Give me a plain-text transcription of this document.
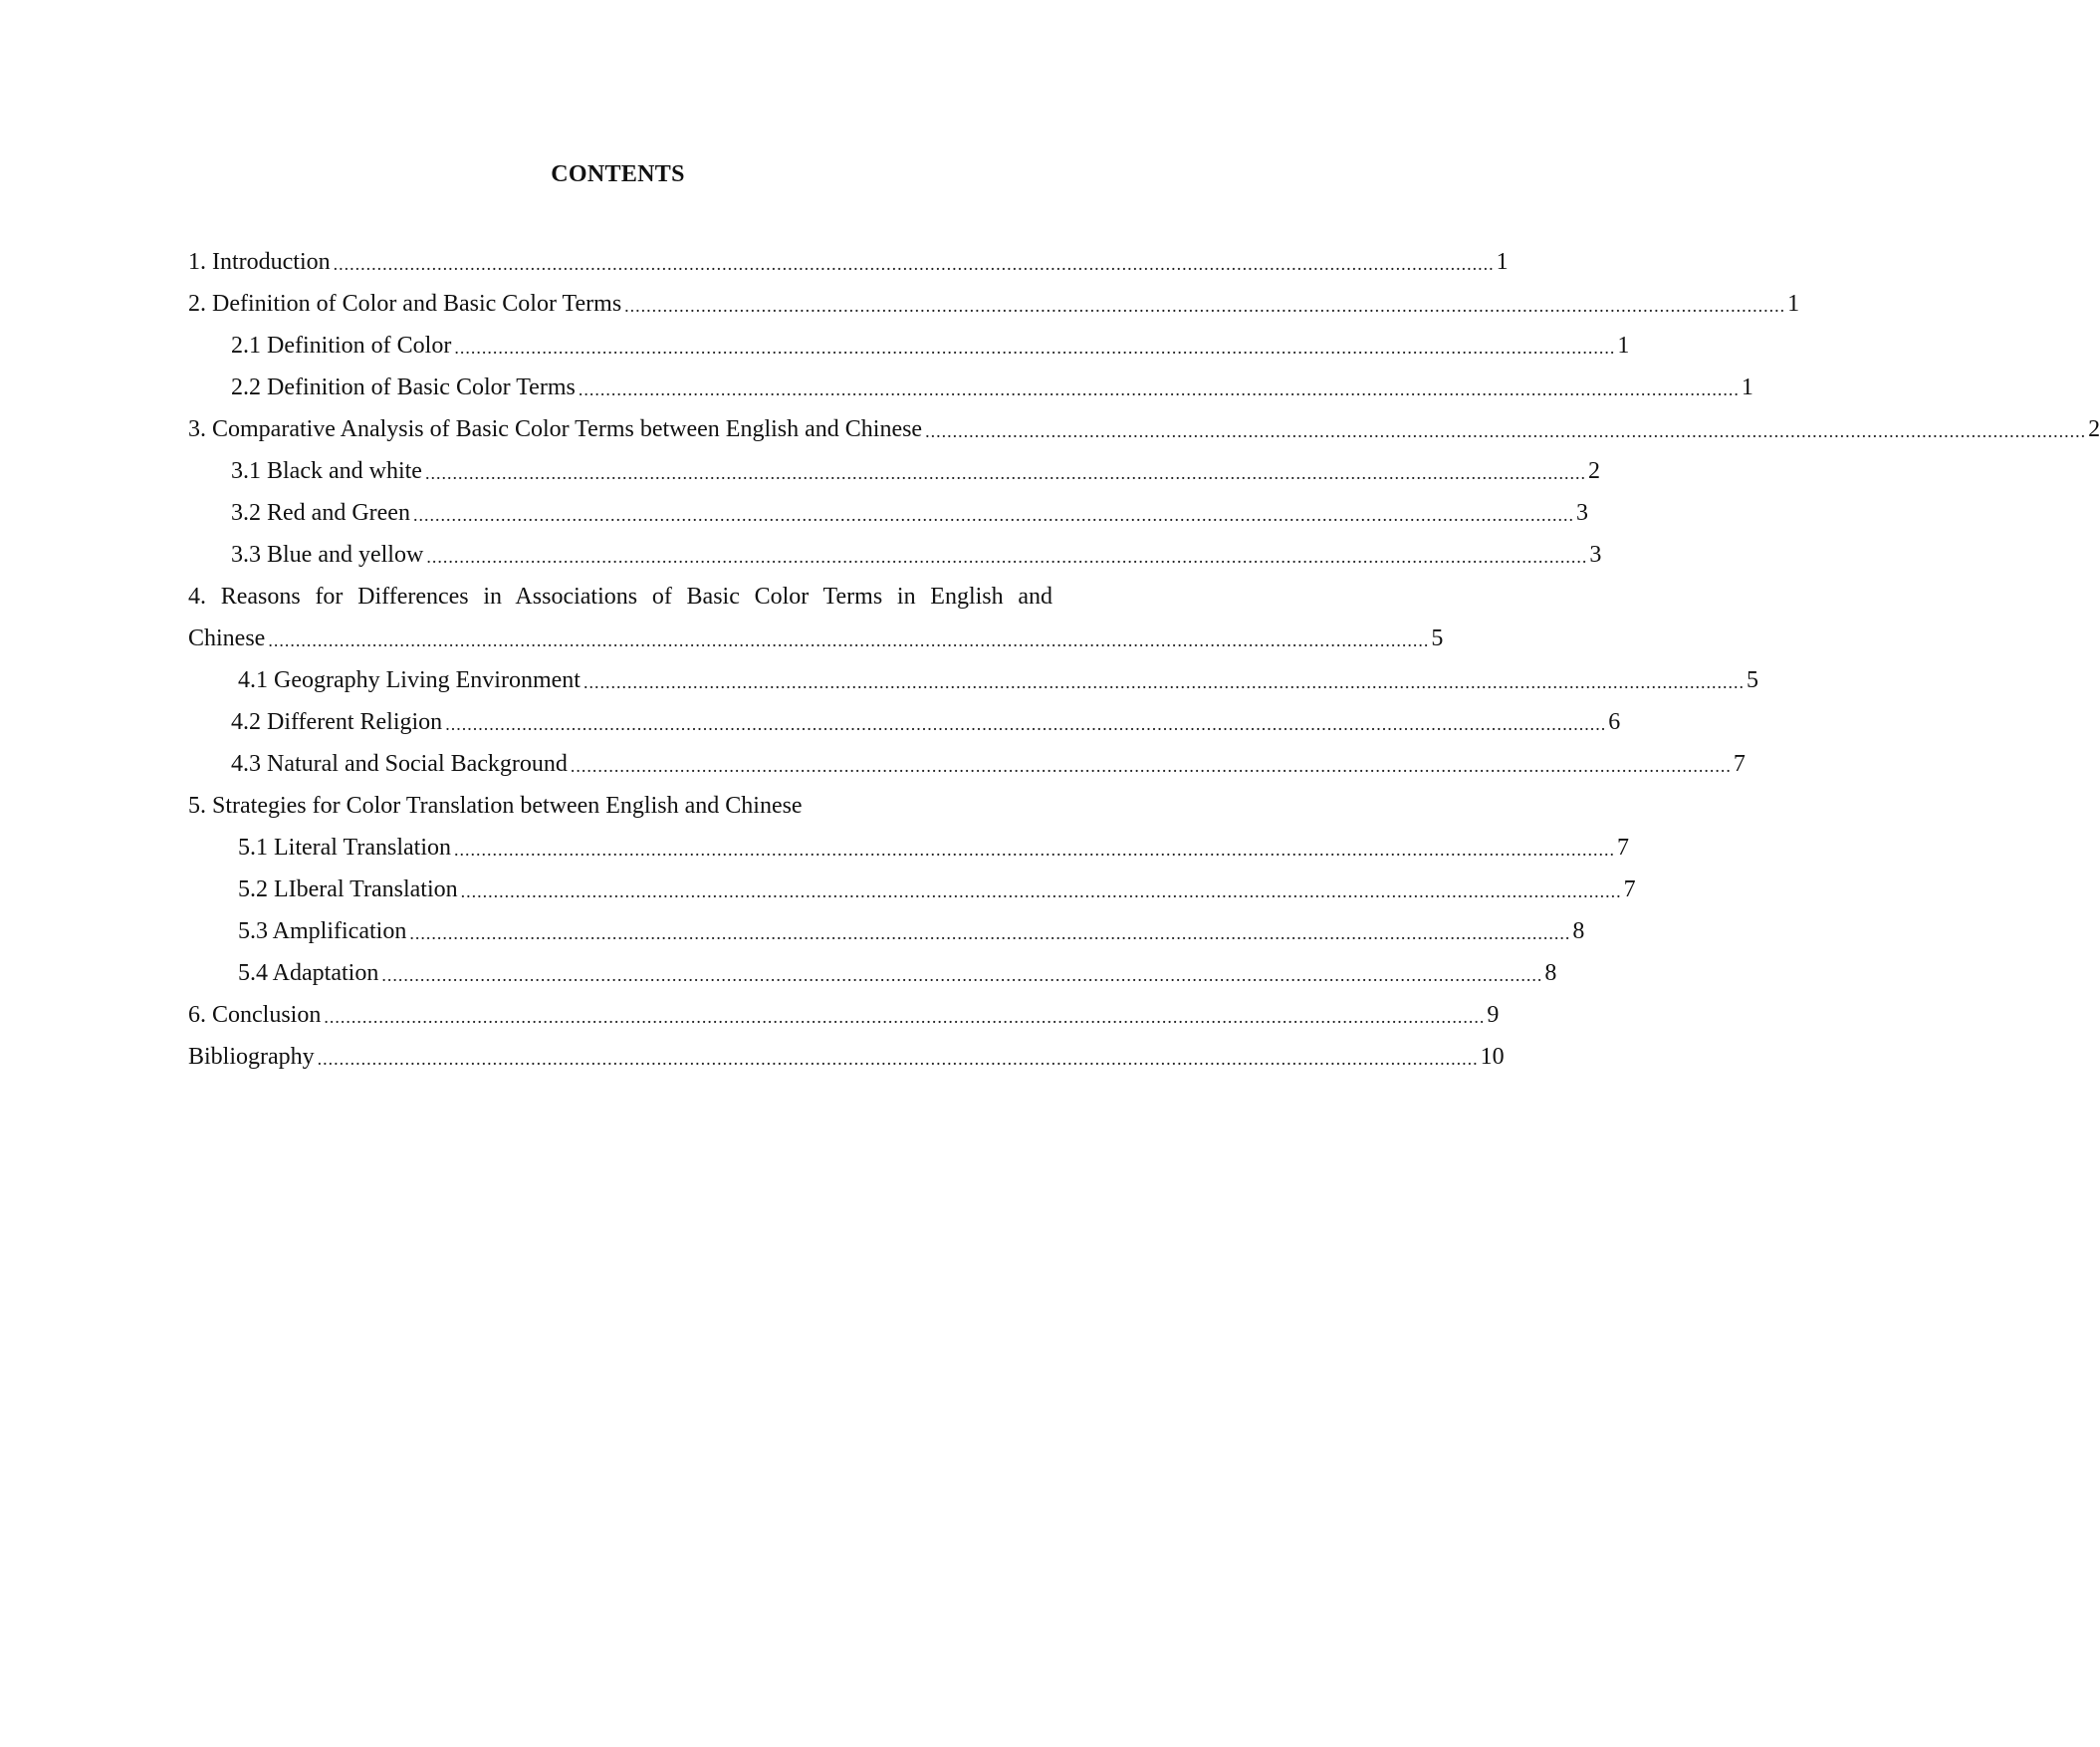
CONTENTS
1. Introduction .................................................................................................................................................................................................................... 1
2. Definition of Color and Basic Color Terms .................................................................................................................................................................................................................... 1
2.1 Definition of Color .................................................................................................................................................................................................................... 1
2.2 Definition of Basic Color Terms .................................................................................................................................................................................................................... 1
3. Comparative Analysis of Basic Color Terms between English and Chinese .................................................................................................................................................................................................................... 2
3.1 Black and white .................................................................................................................................................................................................................... 2
3.2 Red and Green .................................................................................................................................................................................................................... 3
3.3 Blue and yellow .................................................................................................................................................................................................................... 3
4. Reasons for Differences in Associations of Basic Color Terms in English and
Chinese .................................................................................................................................................................................................................... 5
4.1 Geography Living Environment .................................................................................................................................................................................................................... 5
4.2 Different Religion .................................................................................................................................................................................................................... 6
4.3 Natural and Social Background .................................................................................................................................................................................................................... 7
5. Strategies for Color Translation between English and Chinese
5.1 Literal Translation .................................................................................................................................................................................................................... 7
5.2 LIberal Translation .................................................................................................................................................................................................................... 7
5.3 Amplification .................................................................................................................................................................................................................... 8
5.4 Adaptation .................................................................................................................................................................................................................... 8
6. Conclusion .................................................................................................................................................................................................................... 9
Bibliography .................................................................................................................................................................................................................... 10
